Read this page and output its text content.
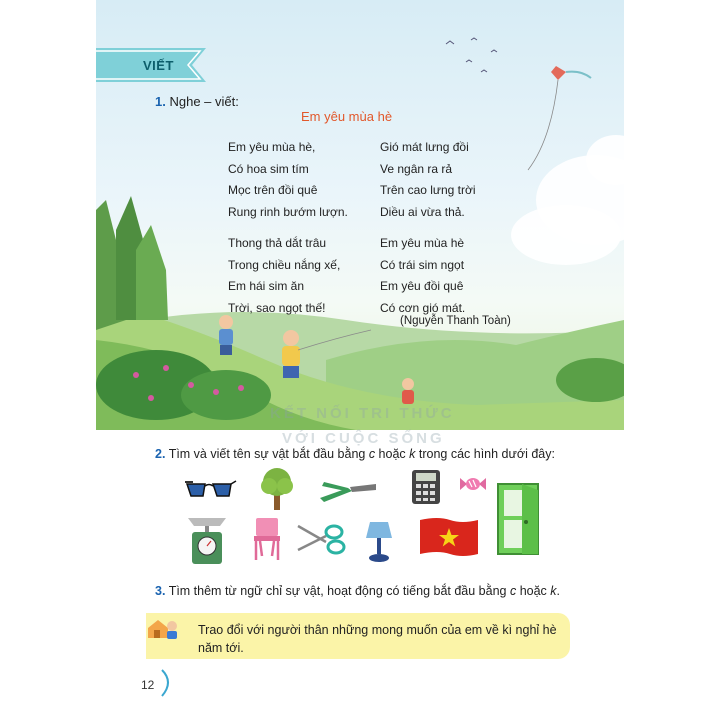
KẾT NỐI TRI THỨC
VỚI CUỘC SỐNG
VIẾT
1. Nghe – viết:
Em yêu mùa hè
Em yêu mùa hè,
Có hoa sim tím
Mọc trên đồi quê
Rung rinh bướm lượn.
Thong thả dắt trâu
Trong chiều nắng xế,
Em hái sim ăn
Trời, sao ngọt thế!
Gió mát lưng đồi
Ve ngân ra rả
Trên cao lưng trời
Diều ai vừa thả.
Em yêu mùa hè
Có trái sim ngọt
Em yêu đồi quê
Có cơn gió mát.
(Nguyễn Thanh Toàn)
2. Tìm và viết tên sự vật bắt đầu bằng c hoặc k trong các hình dưới đây:
3. Tìm thêm từ ngữ chỉ sự vật, hoạt động có tiếng bắt đầu bằng c hoặc k.
Trao đổi với người thân những mong muốn của em về kì nghỉ hè năm tới.
12
